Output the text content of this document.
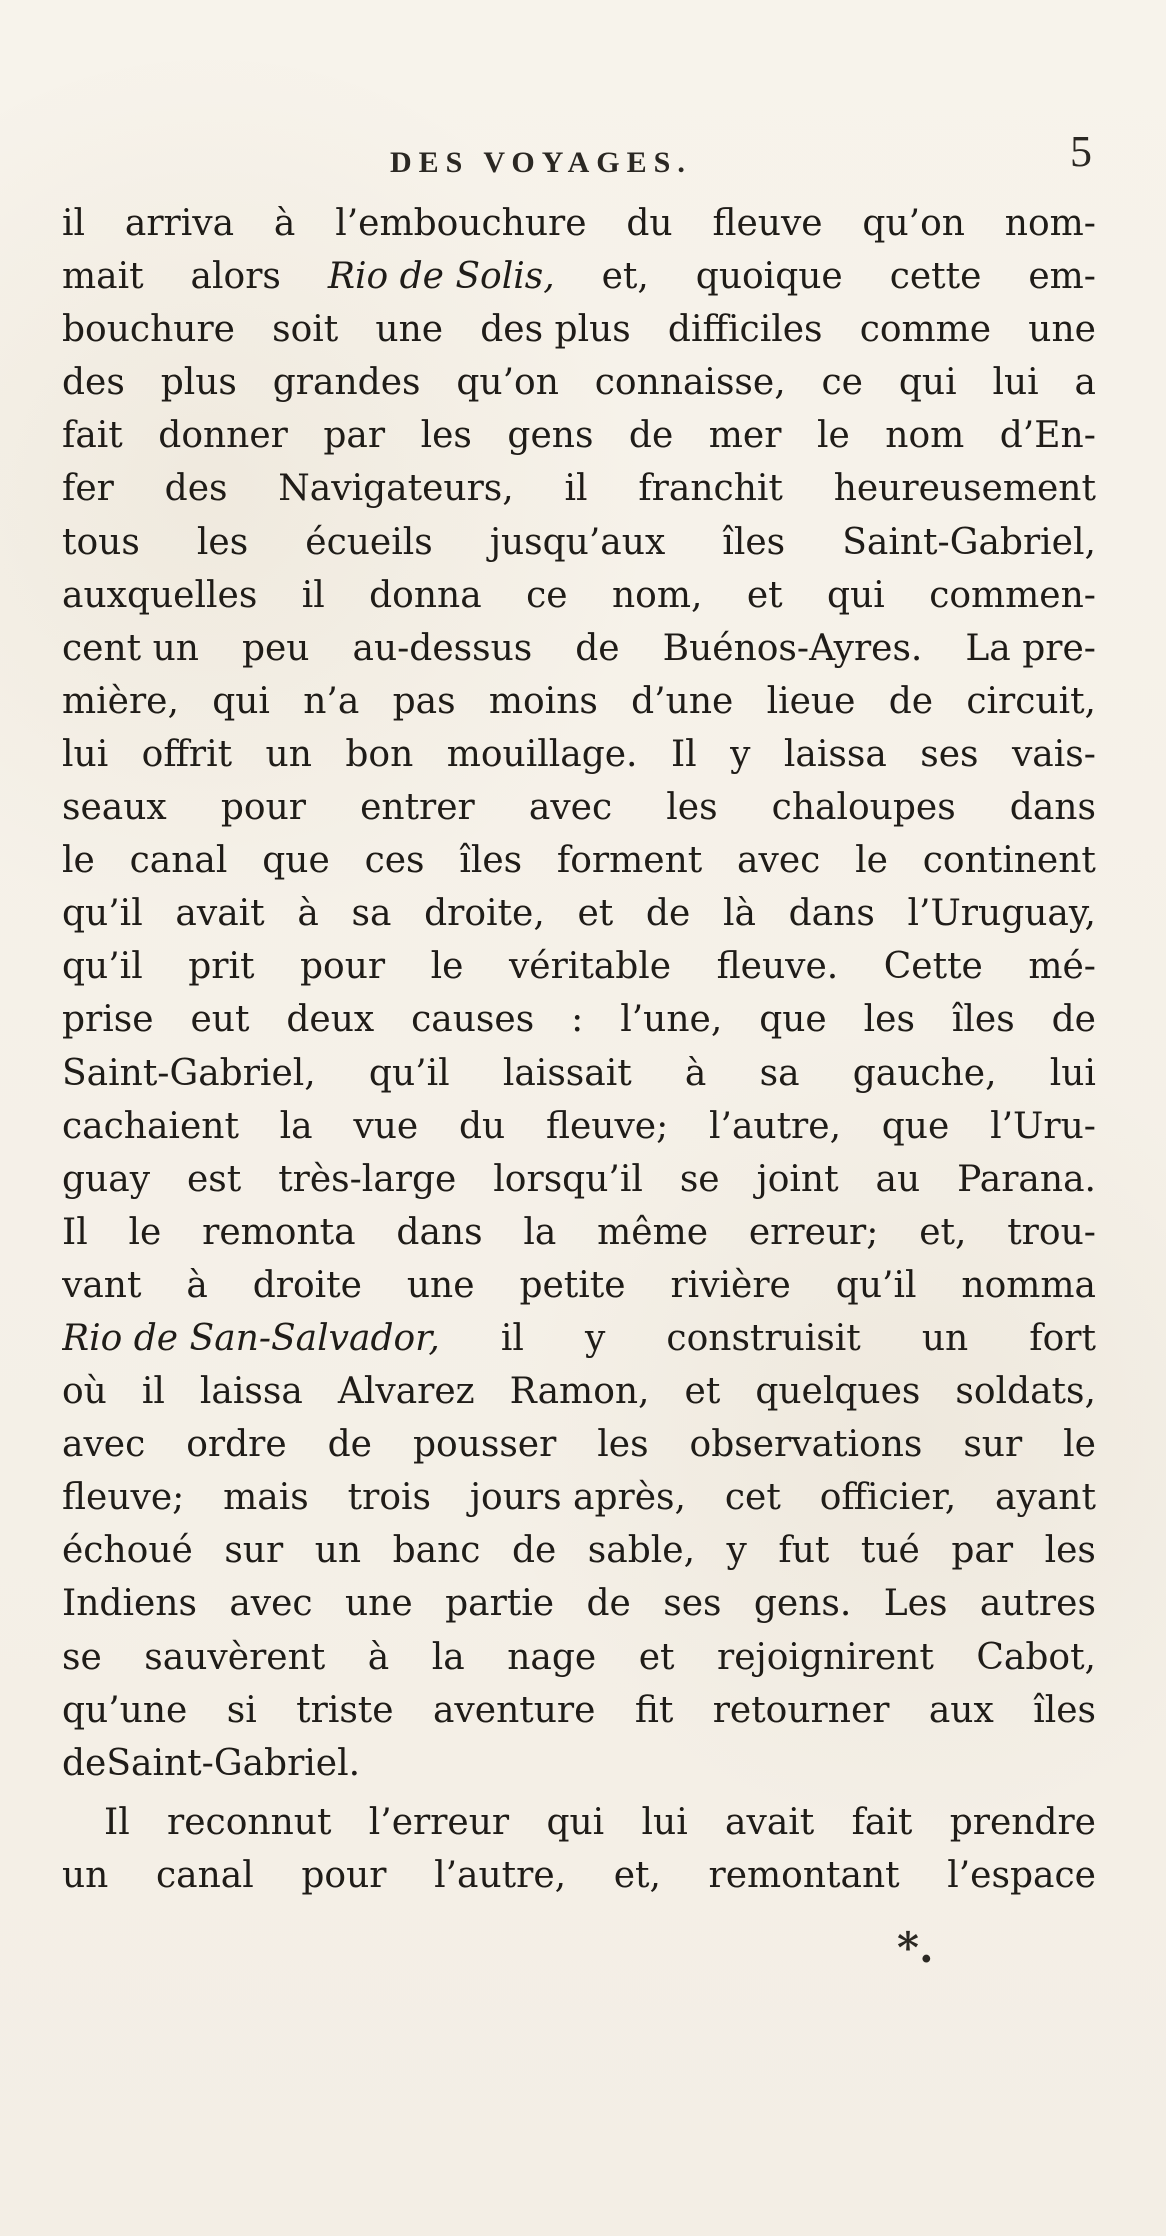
DES VOYAGES.	5
il arriva à l’embouchure du fleuve qu’on nom-
mait alors Rio de Solis, et, quoique cette em-
bouchure soit une des plus difficiles comme une
des plus grandes qu’on connaisse, ce qui lui a
fait donner par les gens de mer le nom d’En-
fer des Navigateurs, il franchit heureusement
tous les écueils jusqu’aux îles Saint-Gabriel,
auxquelles il donna ce nom, et qui commen-
cent un peu au-dessus de Buénos-Ayres. La pre-
mière, qui n’a pas moins d’une lieue de circuit,
lui offrit un bon mouillage. Il y laissa ses vais-
seaux pour entrer avec les chaloupes dans
le canal que ces îles forment avec le continent
qu’il avait à sa droite, et de là dans l’Uruguay,
qu’il prit pour le véritable fleuve. Cette mé-
prise eut deux causes : l’une, que les îles de
Saint-Gabriel, qu’il laissait à sa gauche, lui
cachaient la vue du fleuve; l’autre, que l’Uru-
guay est très-large lorsqu’il se joint au Parana.
Il le remonta dans la même erreur; et, trou-
vant à droite une petite rivière qu’il nomma
Rio de San-Salvador, il y construisit un fort
où il laissa Alvarez Ramon, et quelques soldats,
avec ordre de pousser les observations sur le
fleuve; mais trois jours après, cet officier, ayant
échoué sur un banc de sable, y fut tué par les
Indiens avec une partie de ses gens. Les autres
se sauvèrent à la nage et rejoignirent Cabot,
qu’une si triste aventure fit retourner aux îles
de Saint-Gabriel.
Il reconnut l’erreur qui lui avait fait prendre
un canal pour l’autre, et, remontant l’espace
*.
